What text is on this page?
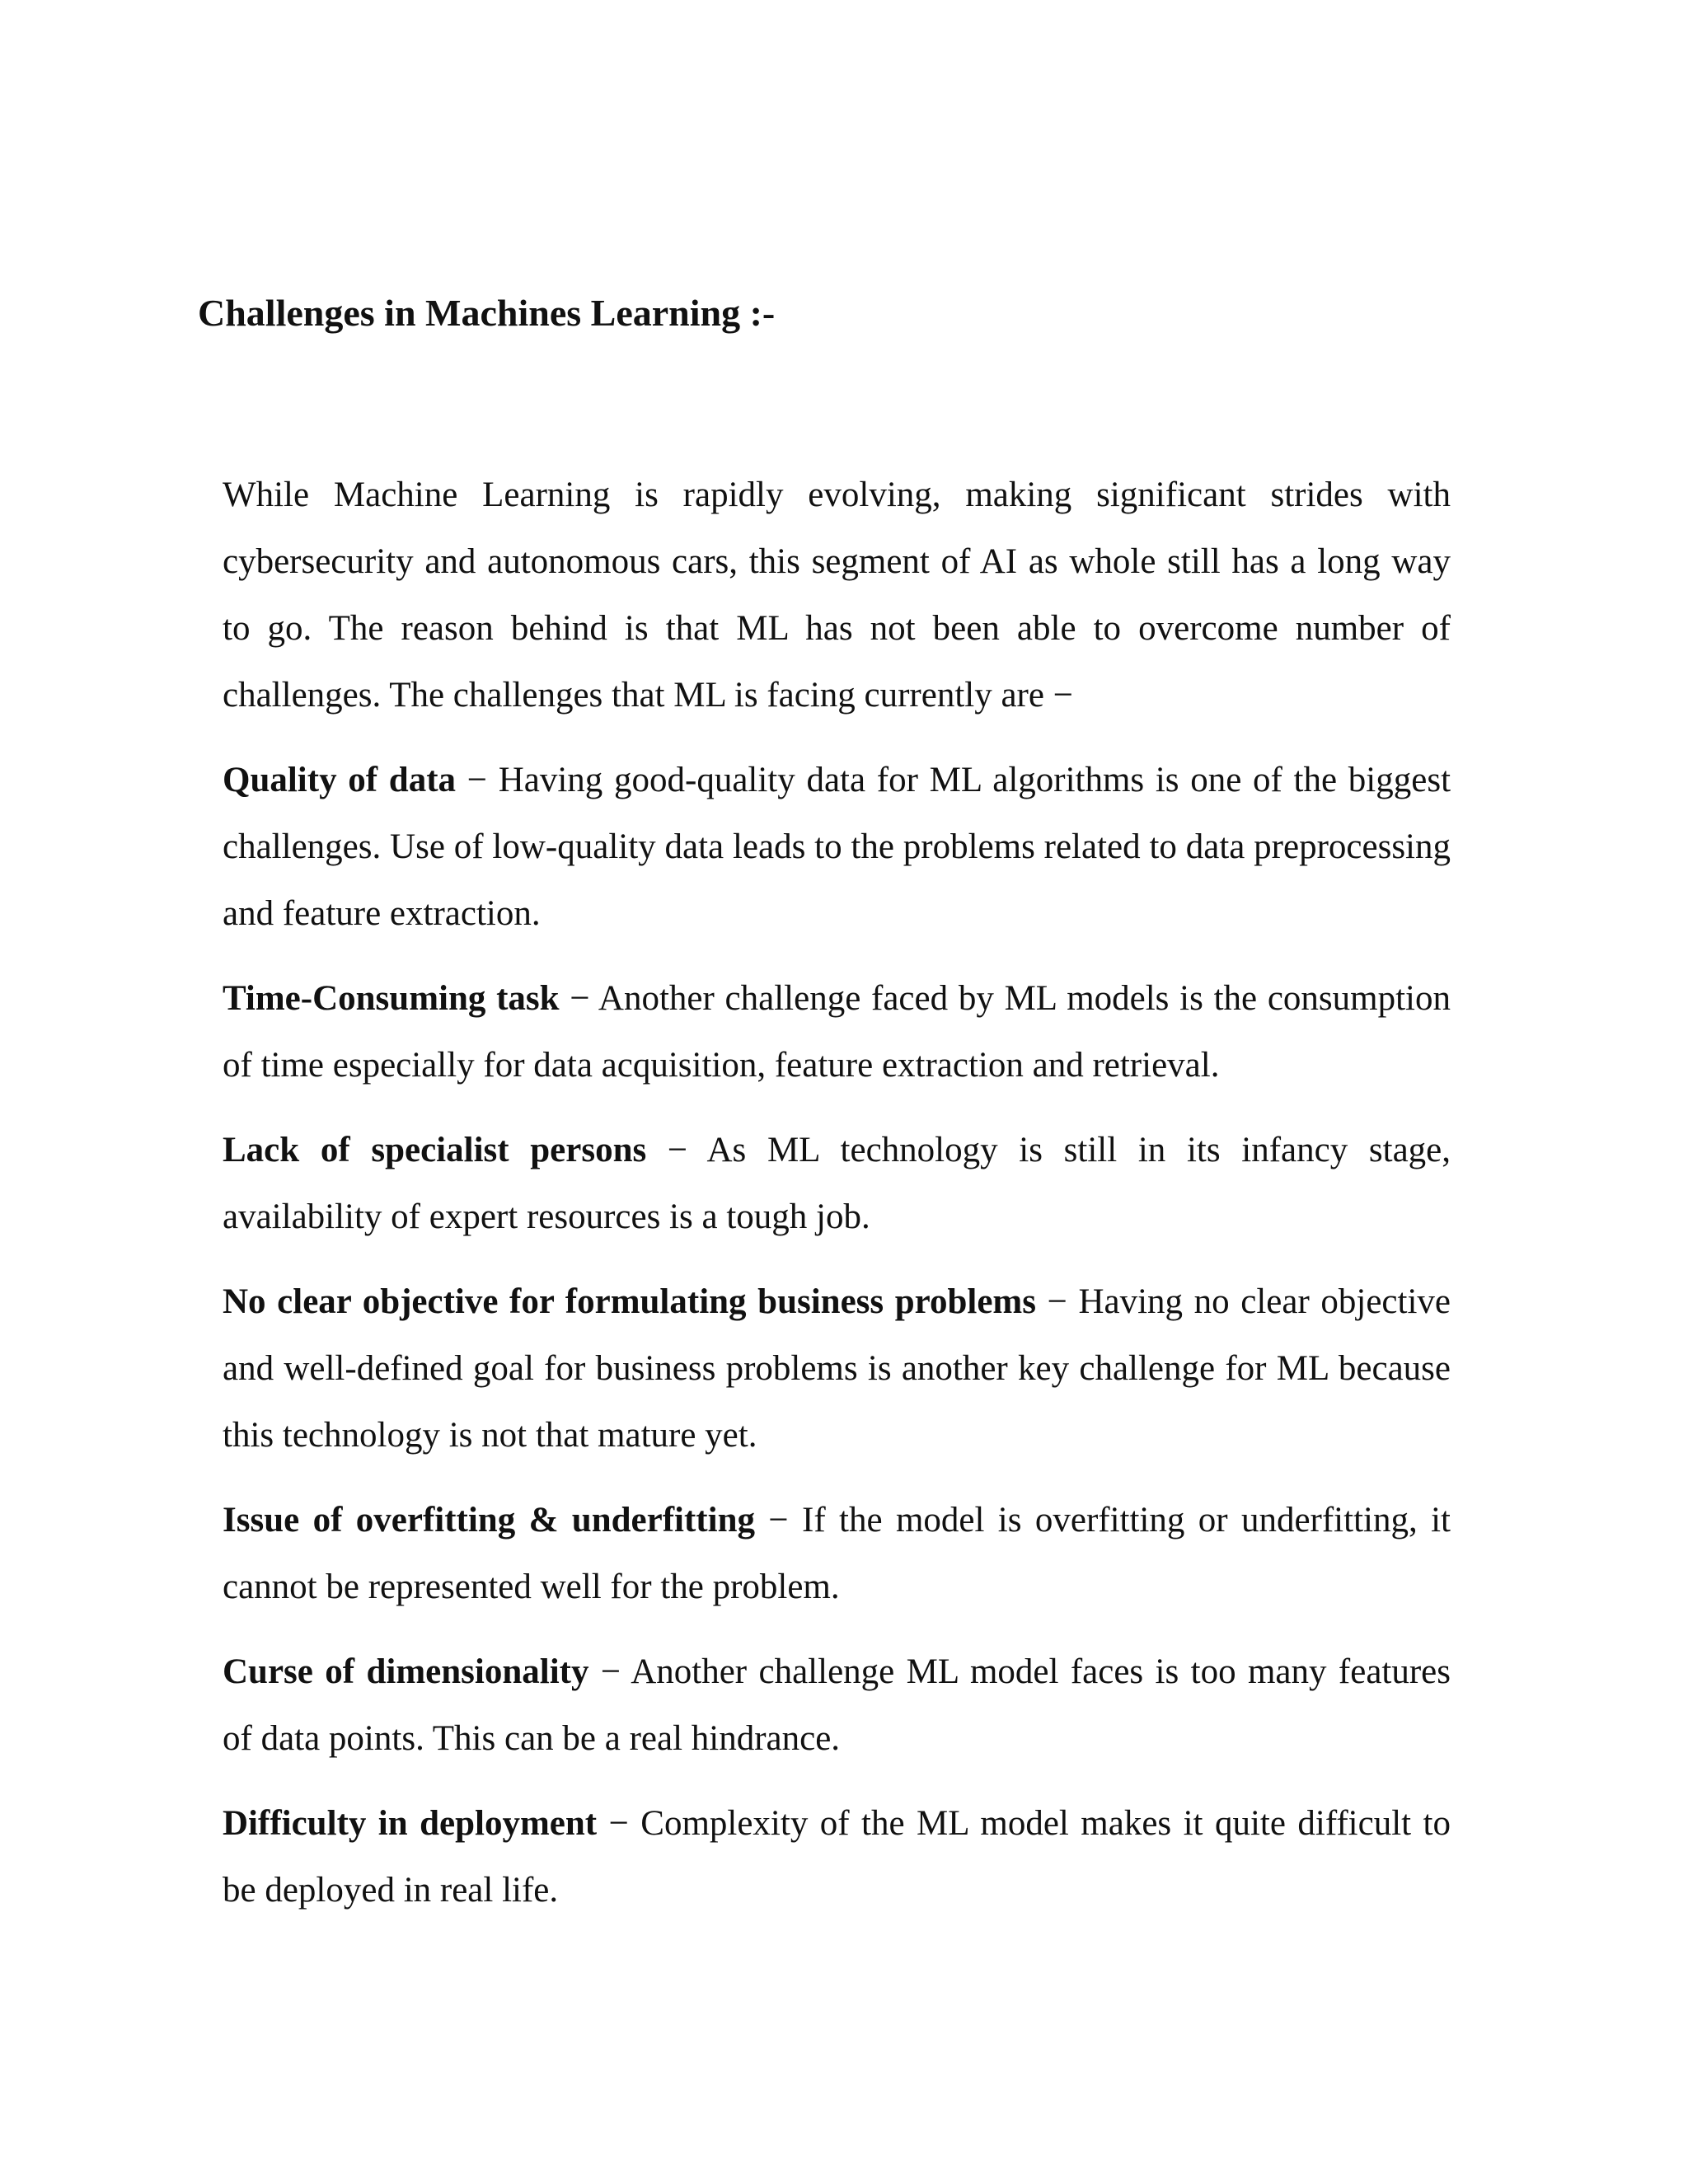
Challenges in Machines Learning :-

While Machine Learning is rapidly evolving, making significant strides with cybersecurity and autonomous cars, this segment of AI as whole still has a long way to go. The reason behind is that ML has not been able to overcome number of challenges. The challenges that ML is facing currently are −

Quality of data − Having good-quality data for ML algorithms is one of the biggest challenges. Use of low-quality data leads to the problems related to data preprocessing and feature extraction.

Time-Consuming task − Another challenge faced by ML models is the consumption of time especially for data acquisition, feature extraction and retrieval.

Lack of specialist persons − As ML technology is still in its infancy stage, availability of expert resources is a tough job.

No clear objective for formulating business problems − Having no clear objective and well-defined goal for business problems is another key challenge for ML because this technology is not that mature yet.

Issue of overfitting & underfitting − If the model is overfitting or underfitting, it cannot be represented well for the problem.

Curse of dimensionality − Another challenge ML model faces is too many features of data points. This can be a real hindrance.

Difficulty in deployment − Complexity of the ML model makes it quite difficult to be deployed in real life.
